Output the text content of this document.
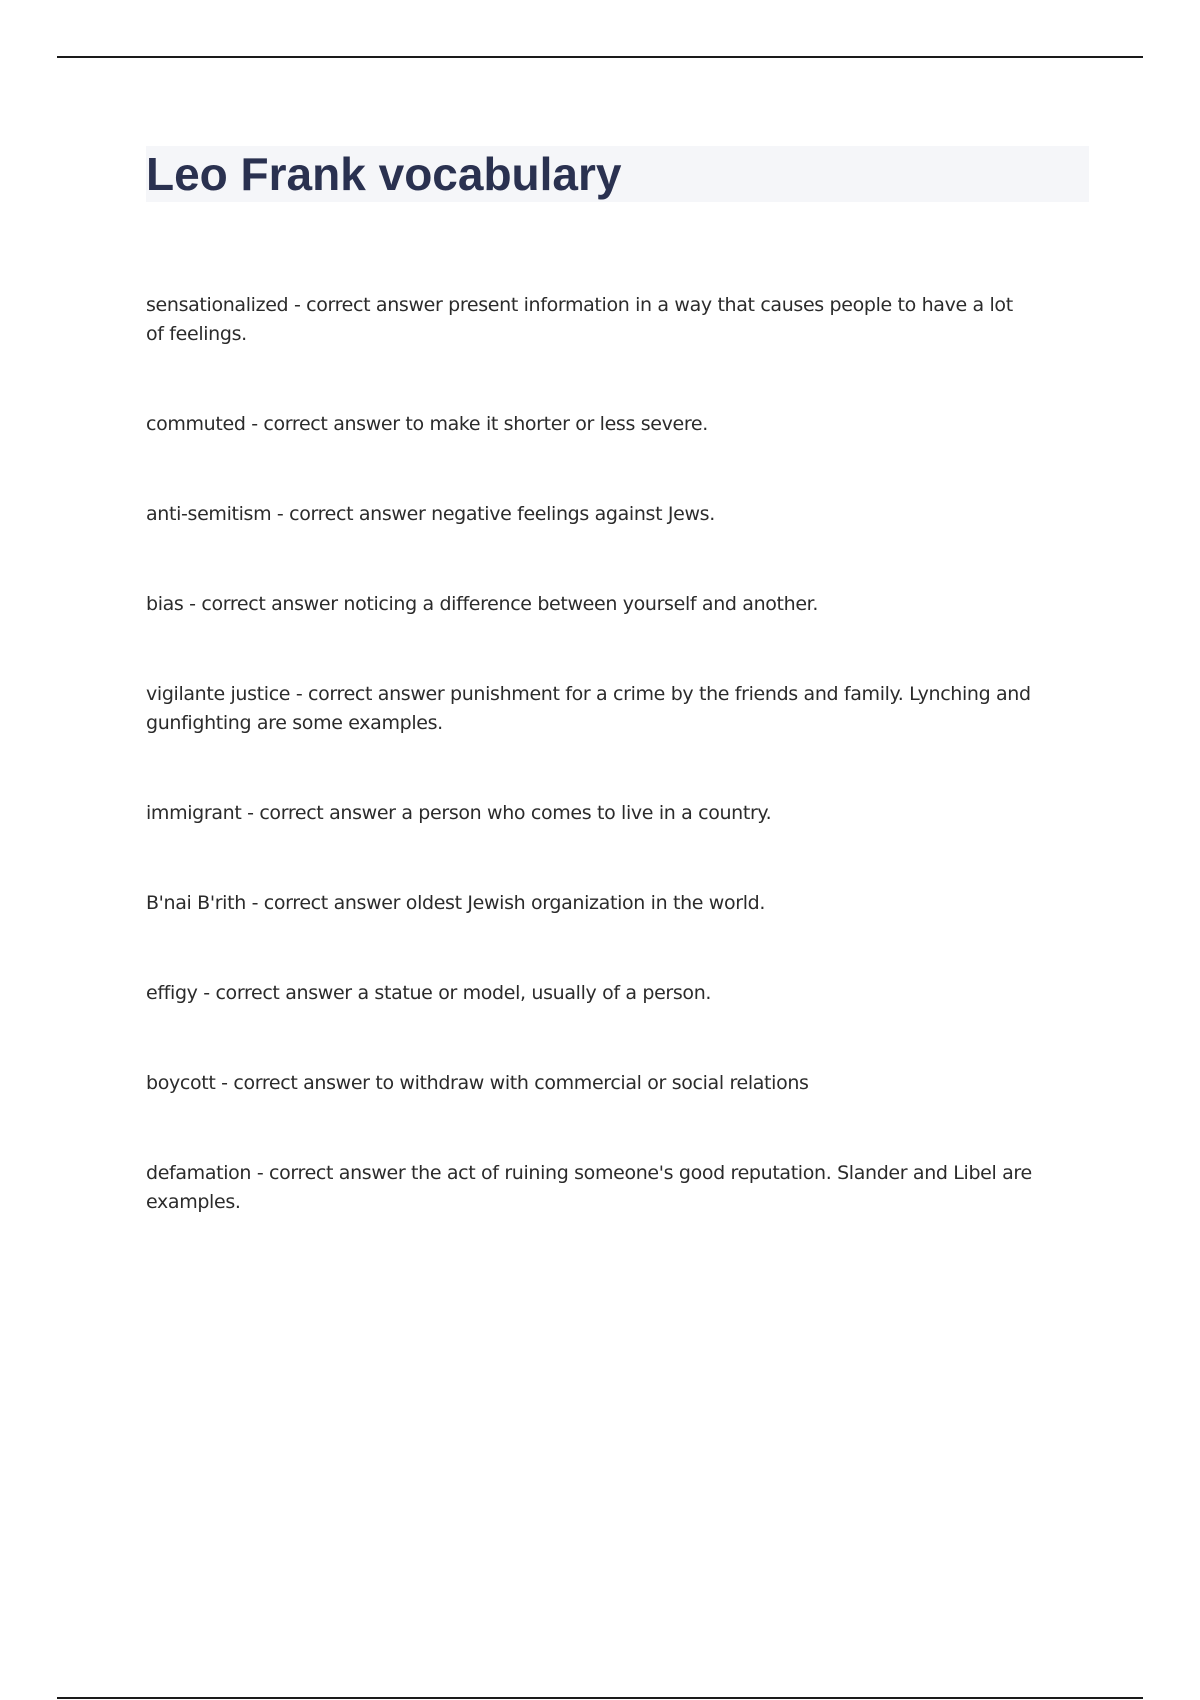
Leo Frank vocabulary

sensationalized - correct answer present information in a way that causes people to have a lot of feelings.

commuted - correct answer to make it shorter or less severe.

anti-semitism - correct answer negative feelings against Jews.

bias - correct answer noticing a difference between yourself and another.

vigilante justice - correct answer punishment for a crime by the friends and family. Lynching and gunfighting are some examples.

immigrant - correct answer a person who comes to live in a country.

B'nai B'rith - correct answer oldest Jewish organization in the world.

effigy - correct answer a statue or model, usually of a person.

boycott - correct answer to withdraw with commercial or social relations

defamation - correct answer the act of ruining someone's good reputation. Slander and Libel are examples.
